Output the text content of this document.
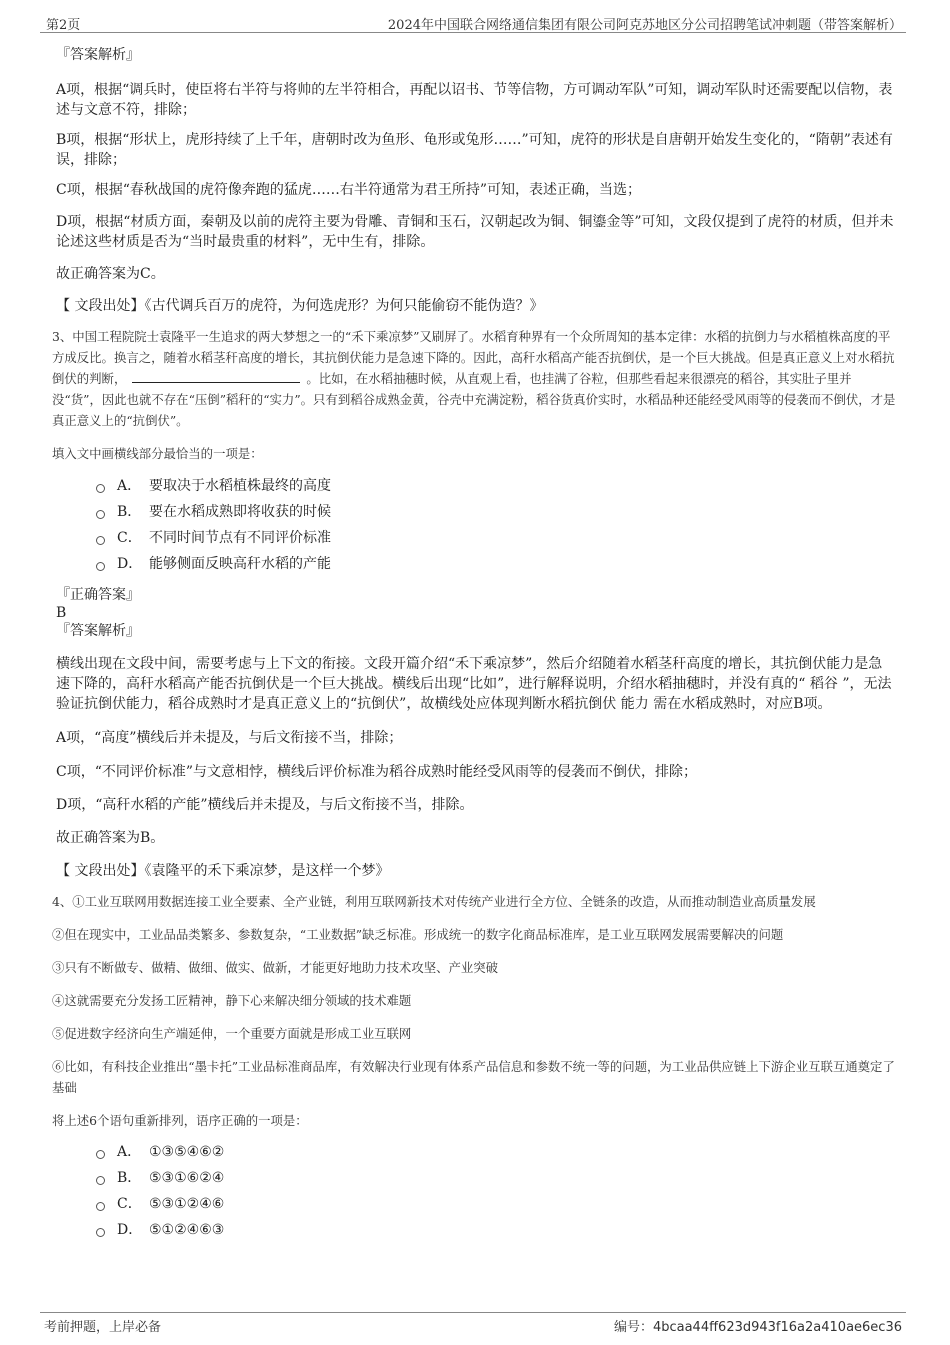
第2页	2024年中国联合网络通信集团有限公司阿克苏地区分公司招聘笔试冲刺题（带答案解析）

『答案解析』

A项，根据“调兵时，使臣将右半符与将帅的左半符相合，再配以诏书、节等信物，方可调动军队”可知，调动军队时还需要配以信物，表述与文意不符，排除；

B项，根据“形状上，虎形持续了上千年，唐朝时改为鱼形、龟形或兔形……”可知，虎符的形状是自唐朝开始发生变化的，“隋朝”表述有误，排除；

C项，根据“春秋战国的虎符像奔跑的猛虎……右半符通常为君王所持”可知，表述正确，当选；

D项，根据“材质方面，秦朝及以前的虎符主要为骨雕、青铜和玉石，汉朝起改为铜、铜鎏金等”可知，文段仅提到了虎符的材质，但并未论述这些材质是否为“当时最贵重的材料”，无中生有，排除。

故正确答案为C。

【 文段出处】《古代调兵百万的虎符，为何选虎形？为何只能偷窃不能伪造？》

3、中国工程院院士袁隆平一生追求的两大梦想之一的“禾下乘凉梦”又刷屏了。水稻育种界有一个众所周知的基本定律：水稻的抗倒力与水稻植株高度的平方成反比。换言之，随着水稻茎秆高度的增长，其抗倒伏能力是急速下降的。因此，高秆水稻高产能否抗倒伏，是一个巨大挑战。但是真正意义上对水稻抗倒伏的判断，	。比如，在水稻抽穗时候，从直观上看，也挂满了谷粒，但那些看起来很漂亮的稻谷，其实肚子里并没“货”，因此也就不存在“压倒”稻秆的“实力”。只有到稻谷成熟金黄，谷壳中充满淀粉，稻谷货真价实时，水稻品种还能经受风雨等的侵袭而不倒伏，才是真正意义上的“抗倒伏”。

填入文中画横线部分最恰当的一项是：

A． 要取决于水稻植株最终的高度
B． 要在水稻成熟即将收获的时候
C． 不同时间节点有不同评价标准
D． 能够侧面反映高秆水稻的产能

『正确答案』

B

『答案解析』

横线出现在文段中间，需要考虑与上下文的衔接。文段开篇介绍“禾下乘凉梦”，然后介绍随着水稻茎秆高度的增长，其抗倒伏能力是急速下降的，高秆水稻高产能否抗倒伏是一个巨大挑战。横线后出现“比如”，进行解释说明，介绍水稻抽穗时，并没有真的“ 稻谷 ”，无法验证抗倒伏能力，稻谷成熟时才是真正意义上的“抗倒伏”，故横线处应体现判断水稻抗倒伏 能力 需在水稻成熟时，对应B项。

A项，“高度”横线后并未提及，与后文衔接不当，排除；

C项，“不同评价标准”与文意相悖，横线后评价标准为稻谷成熟时能经受风雨等的侵袭而不倒伏，排除；

D项，“高秆水稻的产能”横线后并未提及，与后文衔接不当，排除。

故正确答案为B。

【 文段出处】《袁隆平的禾下乘凉梦，是这样一个梦》

4、①工业互联网用数据连接工业全要素、全产业链，利用互联网新技术对传统产业进行全方位、全链条的改造，从而推动制造业高质量发展

②但在现实中，工业品品类繁多、参数复杂，“工业数据”缺乏标准。形成统一的数字化商品标准库，是工业互联网发展需要解决的问题

③只有不断做专、做精、做细、做实、做新，才能更好地助力技术攻坚、产业突破

④这就需要充分发扬工匠精神，静下心来解决细分领域的技术难题

⑤促进数字经济向生产端延伸，一个重要方面就是形成工业互联网

⑥比如，有科技企业推出“墨卡托”工业品标准商品库，有效解决行业现有体系产品信息和参数不统一等的问题，为工业品供应链上下游企业互联互通奠定了基础

将上述6个语句重新排列，语序正确的一项是：

A． ①③⑤④⑥②
B． ⑤③①⑥②④
C． ⑤③①②④⑥
D． ⑤①②④⑥③
考前押题，上岸必备	编号：4bcaa44ff623d943f16a2a410ae6ec36
